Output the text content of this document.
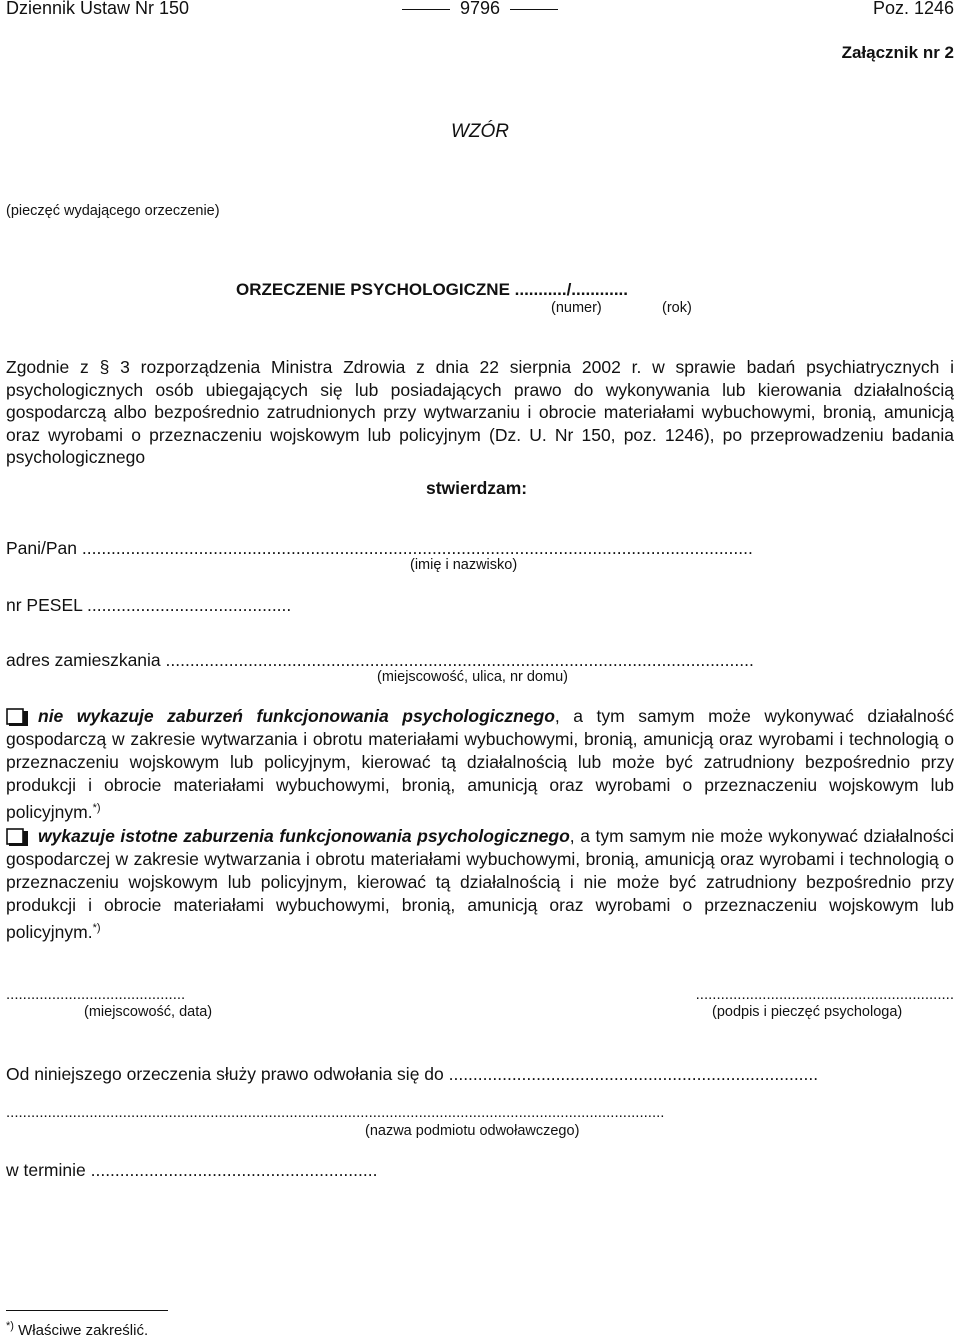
Dziennik Ustaw Nr 150	9796	Poz. 1246
Załącznik nr 2
WZÓR
(pieczęć wydającego orzeczenie)
ORZECZENIE PSYCHOLOGICZNE .........../............
(numer)	(rok)
Zgodnie z § 3 rozporządzenia Ministra Zdrowia z dnia 22 sierpnia 2002 r. w sprawie badań psychiatrycznych i psychologicznych osób ubiegających się lub posiadających prawo do wykonywania lub kierowania działalnością gospodarczą albo bezpośrednio zatrudnionych przy wytwarzaniu i obrocie materiałami wybuchowymi, bronią, amunicją oraz wyrobami o przeznaczeniu wojskowym lub policyjnym (Dz. U. Nr 150, poz. 1246), po przeprowadzeniu badania psychologicznego
stwierdzam:
Pani/Pan ..........................................................................................................................................
(imię i nazwisko)
nr PESEL ..........................................
adres zamieszkania .........................................................................................................................
(miejscowość, ulica, nr domu)
nie wykazuje zaburzeń funkcjonowania psychologicznego, a tym samym może wykonywać działalność gospodarczą w zakresie wytwarzania i obrotu materiałami wybuchowymi, bronią, amunicją oraz wyrobami i technologią o przeznaczeniu wojskowym lub policyjnym, kierować tą działalnością lub może być zatrudniony bezpośrednio przy produkcji i obrocie materiałami wybuchowymi, bronią, amunicją oraz wyrobami o przeznaczeniu wojskowym lub policyjnym.*)
wykazuje istotne zaburzenia funkcjonowania psychologicznego, a tym samym nie może wykonywać działalności gospodarczej w zakresie wytwarzania i obrotu materiałami wybuchowymi, bronią, amunicją oraz wyrobami i technologią o przeznaczeniu wojskowym lub policyjnym, kierować tą działalnością i nie może być zatrudniony bezpośrednio przy produkcji i obrocie materiałami wybuchowymi, bronią, amunicją oraz wyrobami o przeznaczeniu wojskowym lub policyjnym.*)
...........................................
(miejscowość, data)
..............................................................
(podpis i pieczęć psychologa)
Od niniejszego orzeczenia służy prawo odwołania się do ............................................................................
..............................................................................................................................................................
(nazwa podmiotu odwoławczego)
w terminie ...........................................................
*) Właściwe zakreślić.
